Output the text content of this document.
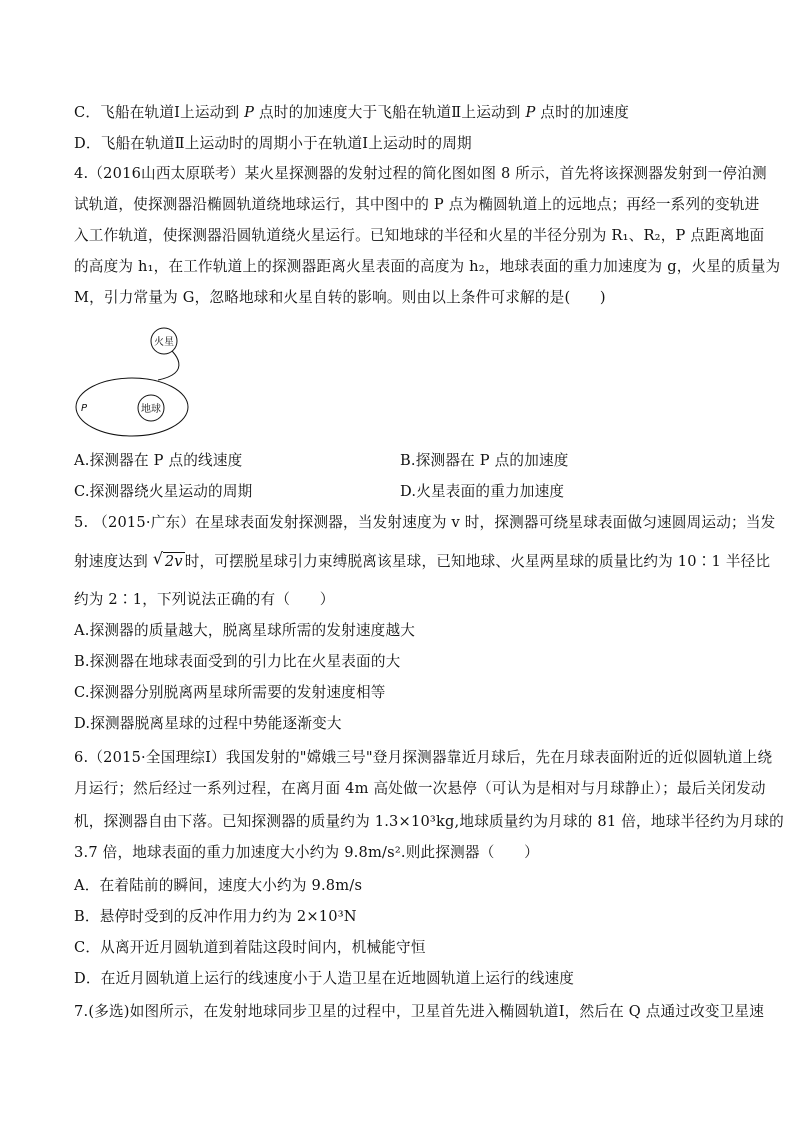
C．飞船在轨道Ⅰ上运动到 P 点时的加速度大于飞船在轨道Ⅱ上运动到 P 点时的加速度
D．飞船在轨道Ⅱ上运动时的周期小于在轨道Ⅰ上运动时的周期
4.（2016山西太原联考）某火星探测器的发射过程的简化图如图 8 所示，首先将该探测器发射到一停泊测
试轨道，使探测器沿椭圆轨道绕地球运行，其中图中的 P 点为椭圆轨道上的远地点；再经一系列的变轨进
入工作轨道，使探测器沿圆轨道绕火星运行。已知地球的半径和火星的半径分别为 R₁、R₂，P 点距离地面
的高度为 h₁，在工作轨道上的探测器距离火星表面的高度为 h₂，地球表面的重力加速度为 g，火星的质量为
M，引力常量为 G，忽略地球和火星自转的影响。则由以上条件可求解的是(　　)
火星
地球
P
A.探测器在 P 点的线速度	B.探测器在 P 点的加速度
C.探测器绕火星运动的周期	D.火星表面的重力加速度
5. （2015·广东）在星球表面发射探测器，当发射速度为 v 时，探测器可绕星球表面做匀速圆周运动；当发
射速度达到 √ 2v 时，可摆脱星球引力束缚脱离该星球，已知地球、火星两星球的质量比约为 10∶1 半径比
约为 2∶1，下列说法正确的有（　　）
A.探测器的质量越大，脱离星球所需的发射速度越大
B.探测器在地球表面受到的引力比在火星表面的大
C.探测器分别脱离两星球所需要的发射速度相等
D.探测器脱离星球的过程中势能逐渐变大
6.（2015·全国理综Ⅰ）我国发射的"嫦娥三号"登月探测器靠近月球后，先在月球表面附近的近似圆轨道上绕
月运行；然后经过一系列过程，在离月面 4m 高处做一次悬停（可认为是相对与月球静止）；最后关闭发动
机，探测器自由下落。已知探测器的质量约为 1.3×10³kg,地球质量约为月球的 81 倍，地球半径约为月球的
3.7 倍，地球表面的重力加速度大小约为 9.8m/s².则此探测器（　　）
A．在着陆前的瞬间，速度大小约为 9.8m/s
B．悬停时受到的反冲作用力约为 2×10³N
C．从离开近月圆轨道到着陆这段时间内，机械能守恒
D．在近月圆轨道上运行的线速度小于人造卫星在近地圆轨道上运行的线速度
7.(多选)如图所示，在发射地球同步卫星的过程中，卫星首先进入椭圆轨道Ⅰ，然后在 Q 点通过改变卫星速
